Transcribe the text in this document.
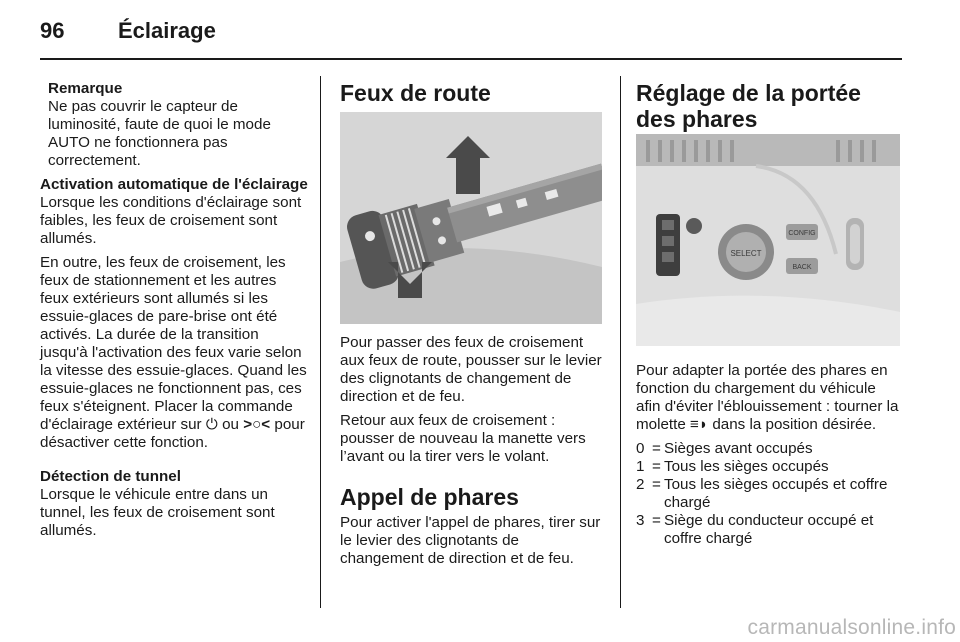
96 Éclairage
Remarque

Ne pas couvrir le capteur de luminosité, faute de quoi le mode AUTO ne fonctionnera pas correctement.

Activation automatique de l'éclairage

Lorsque les conditions d'éclairage sont faibles, les feux de croisement sont allumés.

En outre, les feux de croisement, les feux de stationnement et les autres feux extérieurs sont allumés si les essuie-glaces de pare-brise ont été activés. La durée de la transition jusqu'à l'activation des feux varie selon la vitesse des essuie-glaces. Quand les essuie-glaces ne fonctionnent pas, ces feux s'éteignent. Placer la commande d'éclairage extérieur sur ⏻ ou >○< pour désactiver cette fonction.

Détection de tunnel

Lorsque le véhicule entre dans un tunnel, les feux de croisement sont allumés.

Feux de route

Pour passer des feux de croisement aux feux de route, pousser sur le levier des clignotants de changement de direction et de feu.

Retour aux feux de croisement : pousser de nouveau la manette vers l’avant ou la tirer vers le volant.

Appel de phares

Pour activer l'appel de phares, tirer sur le levier des clignotants de changement de direction et de feu.

Réglage de la portée des phares
SELECT
CONFIG
BACK

Pour adapter la portée des phares en fonction du chargement du véhicule afin d'éviter l'éblouissement : tourner la molette ≡◗ dans la position désirée.

0 = Sièges avant occupés
1 = Tous les sièges occupés
2 = Tous les sièges occupés et coffre chargé
3 = Siège du conducteur occupé et coffre chargé
carmanualsonline.info
